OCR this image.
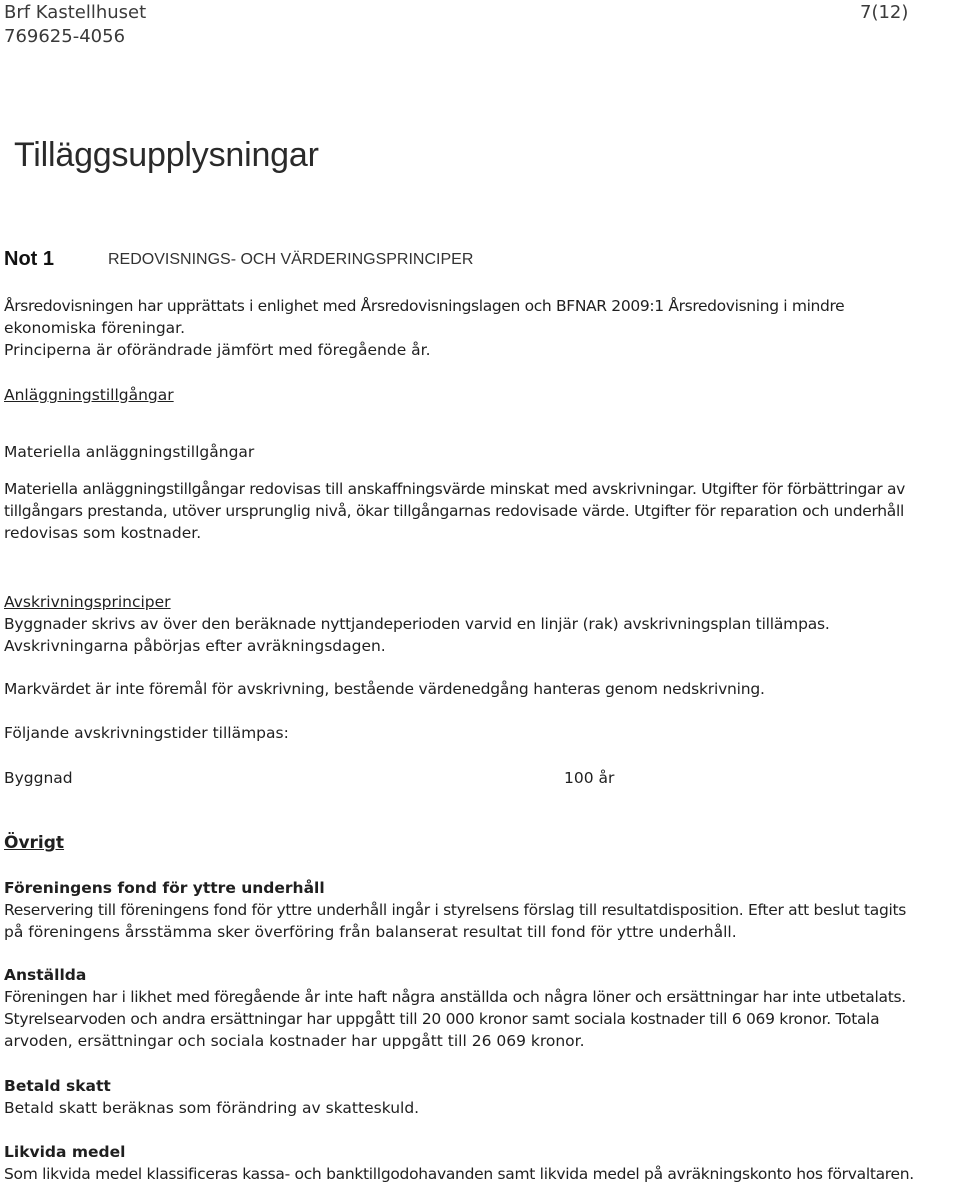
Brf Kastellhuset
769625-4056
7(12)
Tilläggsupplysningar
Not 1	REDOVISNINGS- OCH VÄRDERINGSPRINCIPER
Årsredovisningen har upprättats i enlighet med Årsredovisningslagen och BFNAR 2009:1 Årsredovisning i mindre
ekonomiska föreningar.
Principerna är oförändrade jämfört med föregående år.
Anläggningstillgångar
Materiella anläggningstillgångar
Materiella anläggningstillgångar redovisas till anskaffningsvärde minskat med avskrivningar. Utgifter för förbättringar av
tillgångars prestanda, utöver ursprunglig nivå, ökar tillgångarnas redovisade värde. Utgifter för reparation och underhåll
redovisas som kostnader.
Avskrivningsprinciper
Byggnader skrivs av över den beräknade nyttjandeperioden varvid en linjär (rak) avskrivningsplan tillämpas.
Avskrivningarna påbörjas efter avräkningsdagen.
Markvärdet är inte föremål för avskrivning, bestående värdenedgång hanteras genom nedskrivning.
Följande avskrivningstider tillämpas:
Byggnad	100 år
Övrigt
Föreningens fond för yttre underhåll
Reservering till föreningens fond för yttre underhåll ingår i styrelsens förslag till resultatdisposition. Efter att beslut tagits
på föreningens årsstämma sker överföring från balanserat resultat till fond för yttre underhåll.
Anställda
Föreningen har i likhet med föregående år inte haft några anställda och några löner och ersättningar har inte utbetalats.
Styrelsearvoden och andra ersättningar har uppgått till 20 000 kronor samt sociala kostnader till 6 069 kronor. Totala
arvoden, ersättningar och sociala kostnader har uppgått till 26 069 kronor.
Betald skatt
Betald skatt beräknas som förändring av skatteskuld.
Likvida medel
Som likvida medel klassificeras kassa- och banktillgodohavanden samt likvida medel på avräkningskonto hos förvaltaren.
